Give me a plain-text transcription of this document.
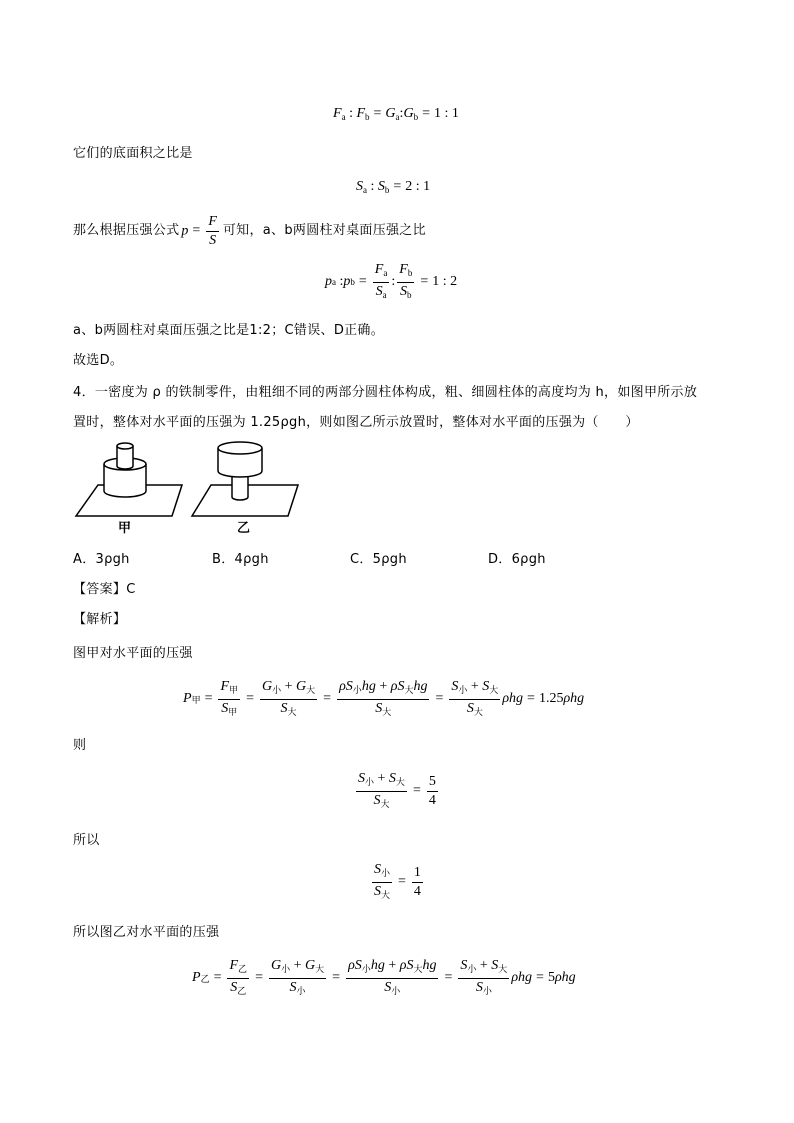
$F_a$ : $F_b$ = $G_a:G_b = 1$ : 1
它们的底面积之比是
$S_a$ : $S_b = 2$ : 1
那么根据压强公式 $p = \frac{F}{S}$ 可知，a、b两圆柱对桌面压强之比
p a : p $b = \frac{F_a}{S_a}$ : $\frac{F_b}{S_b} = 1$ : 2
a、b两圆柱对桌面压强之比是1:2；C错误、D正确。
故选D。
4．一密度为 ρ 的铁制零件，由粗细不同的两部分圆柱体构成，粗、细圆柱体的高度均为 h，如图甲所示放
置时，整体对水平面的压强为 1.25ρgh，则如图乙所示放置时，整体对水平面的压强为（　　）
甲	乙
A．3ρgh	B．4ρgh	C．5ρgh	D．6ρgh
【答案】C
【解析】
图甲对水平面的压强
P 甲 = $\frac{F_甲}{S_甲} = \frac{G_小 + G_大}{S_大} = \frac{\rho S_小hg + \rho S_大hg}{S_大} = \frac{S_小 + S_大}{S_大}$ ρhg = 1.25 ρhg
则
$\frac{S_小 + S_大}{S_大} = \frac{5}{4}$
所以
$\frac{S_小}{S_大} = \frac{1}{4}$
所以图乙对水平面的压强
P 乙 = $\frac{F_乙}{S_乙} = \frac{G_小 + G_大}{S_小} = \frac{\rho S_小hg + \rho S_大hg}{S_小} = \frac{S_小 + S_大}{S_小}$ ρhg = 5 ρhg
